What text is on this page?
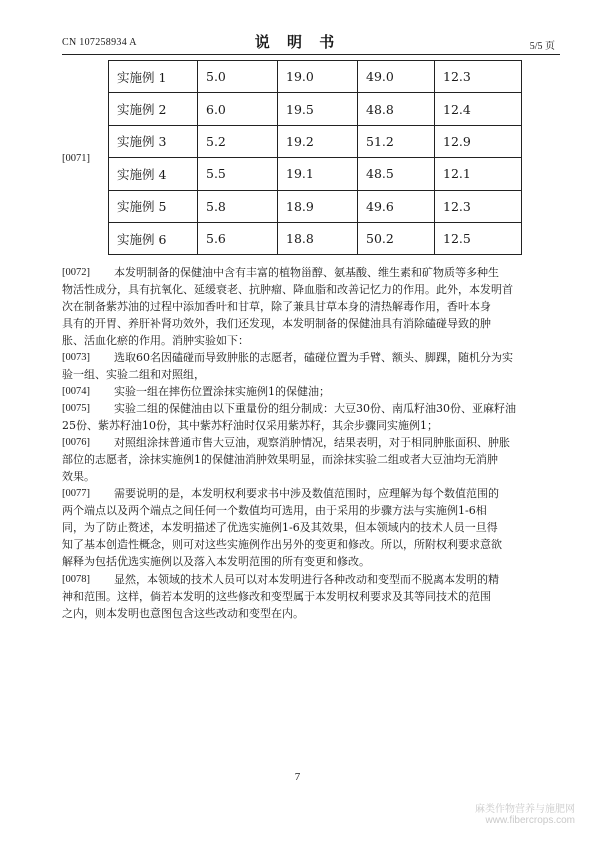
CN 107258934 A	说 明 书	5/5 页
[0071]
实施例 1	5.0	19.0	49.0	12.3
实施例 2	6.0	19.5	48.8	12.4
实施例 3	5.2	19.2	51.2	12.9
实施例 4	5.5	19.1	48.5	12.1
实施例 5	5.8	18.9	49.6	12.3
实施例 6	5.6	18.8	50.2	12.5
[0072]	本发明制备的保健油中含有丰富的植物甾醇、氨基酸、维生素和矿物质等多种生
物活性成分，具有抗氧化、延缓衰老、抗肿瘤、降血脂和改善记忆力的作用。此外，本发明首
次在制备紫苏油的过程中添加香叶和甘草，除了兼具甘草本身的清热解毒作用，香叶本身
具有的开胃、养肝补肾功效外，我们还发现，本发明制备的保健油具有消除磕碰导致的肿
胀、活血化瘀的作用。消肿实验如下：
[0073]	选取60名因磕碰而导致肿胀的志愿者，磕碰位置为手臂、额头、脚踝，随机分为实
验一组、实验二组和对照组，
[0074]	实验一组在摔伤位置涂抹实施例1的保健油；
[0075]	实验二组的保健油由以下重量份的组分制成：大豆30份、南瓜籽油30份、亚麻籽油
25份、紫苏籽油10份，其中紫苏籽油时仅采用紫苏籽，其余步骤同实施例1；
[0076]	对照组涂抹普通市售大豆油，观察消肿情况，结果表明，对于相同肿胀面积、肿胀
部位的志愿者，涂抹实施例1的保健油消肿效果明显，而涂抹实验二组或者大豆油均无消肿
效果。
[0077]	需要说明的是，本发明权利要求书中涉及数值范围时，应理解为每个数值范围的
两个端点以及两个端点之间任何一个数值均可选用，由于采用的步骤方法与实施例1-6相
同，为了防止赘述，本发明描述了优选实施例1-6及其效果，但本领域内的技术人员一旦得
知了基本创造性概念，则可对这些实施例作出另外的变更和修改。所以，所附权利要求意欲
解释为包括优选实施例以及落入本发明范围的所有变更和修改。
[0078]	显然，本领域的技术人员可以对本发明进行各种改动和变型而不脱离本发明的精
神和范围。这样，倘若本发明的这些修改和变型属于本发明权利要求及其等同技术的范围
之内，则本发明也意图包含这些改动和变型在内。
7
麻类作物营养与施肥网
www.fibercrops.com
